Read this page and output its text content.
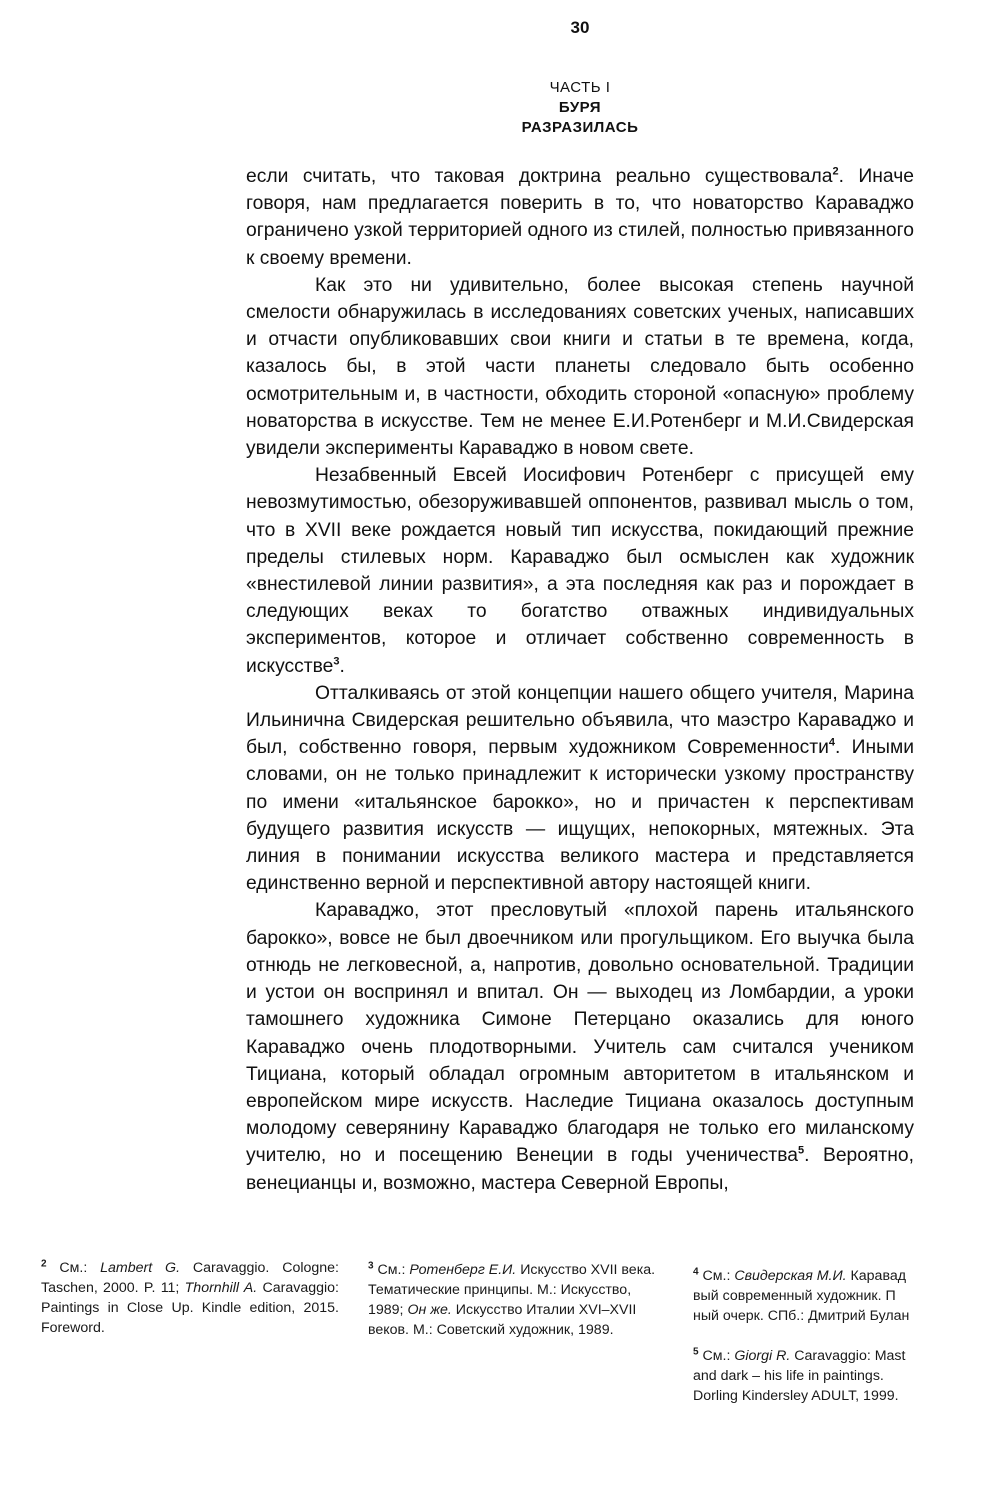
30
ЧАСТЬ I
БУРЯ
РАЗРАЗИЛАСЬ

если считать, что таковая доктрина реально существовала$^2$. Иначе говоря, нам предлагается поверить в то, что новаторство Караваджо ограничено узкой территорией одного из стилей, полностью привязанного к своему времени.

Как это ни удивительно, более высокая степень научной смелости обнаружилась в исследованиях советских ученых, написавших и отчасти опубликовавших свои книги и статьи в те времена, когда, казалось бы, в этой части планеты следовало быть особенно осмотрительным и, в частности, обходить стороной «опасную» проблему новаторства в искусстве. Тем не менее Е.И.Ротенберг и М.И.Свидерская увидели эксперименты Караваджо в новом свете.

Незабвенный Евсей Иосифович Ротенберг с присущей ему невозмутимостью, обезоруживавшей оппонентов, развивал мысль о том, что в XVII веке рождается новый тип искусства, покидающий прежние пределы стилевых норм. Караваджо был осмыслен как художник «внестилевой линии развития», а эта последняя как раз и порождает в следующих веках то богатство отважных индивидуальных экспериментов, которое и отличает собственно современность в искусстве$^3$.

Отталкиваясь от этой концепции нашего общего учителя, Марина Ильинична Свидерская решительно объявила, что маэстро Караваджо и был, собственно говоря, первым художником Современности$^4$. Иными словами, он не только принадлежит к исторически узкому пространству по имени «итальянское барокко», но и причастен к перспективам будущего развития искусств — ищущих, непокорных, мятежных. Эта линия в понимании искусства великого мастера и представляется единственно верной и перспективной автору настоящей книги.

Караваджо, этот пресловутый «плохой парень итальянского барокко», вовсе не был двоечником или прогульщиком. Его выучка была отнюдь не легковесной, а, напротив, довольно основательной. Традиции и устои он воспринял и впитал. Он — выходец из Ломбардии, а уроки тамошнего художника Симоне Петерцано оказались для юного Караваджо очень плодотворными. Учитель сам считался учеником Тициана, который обладал огромным авторитетом в итальянском и европейском мире искусств. Наследие Тициана оказалось доступным молодому северянину Караваджо благодаря не только его миланскому учителю, но и посещению Венеции в годы ученичества$^5$. Вероятно, венецианцы и, возможно, мастера Северной Европы,

$^2$ См.: Lambert G. Caravaggio. Cologne: Taschen, 2000. P. 11; Thornhill A. Caravaggio: Paintings in Close Up. Kindle edition, 2015. Foreword.
$^3$ См.: Ротенберг Е.И. Искусство XVII века. Тематические принципы. М.: Искусство, 1989; Он же. Искусство Италии XVI–XVII веков. М.: Советский художник, 1989.
$^4$ См.: Свидерская М.И. Каравад
вый современный художник. П
ный очерк. СПб.: Дмитрий Булан
$^5$ См.: Giorgi R. Caravaggio: Mast
and dark – his life in paintings.
Dorling Kindersley ADULT, 1999.
